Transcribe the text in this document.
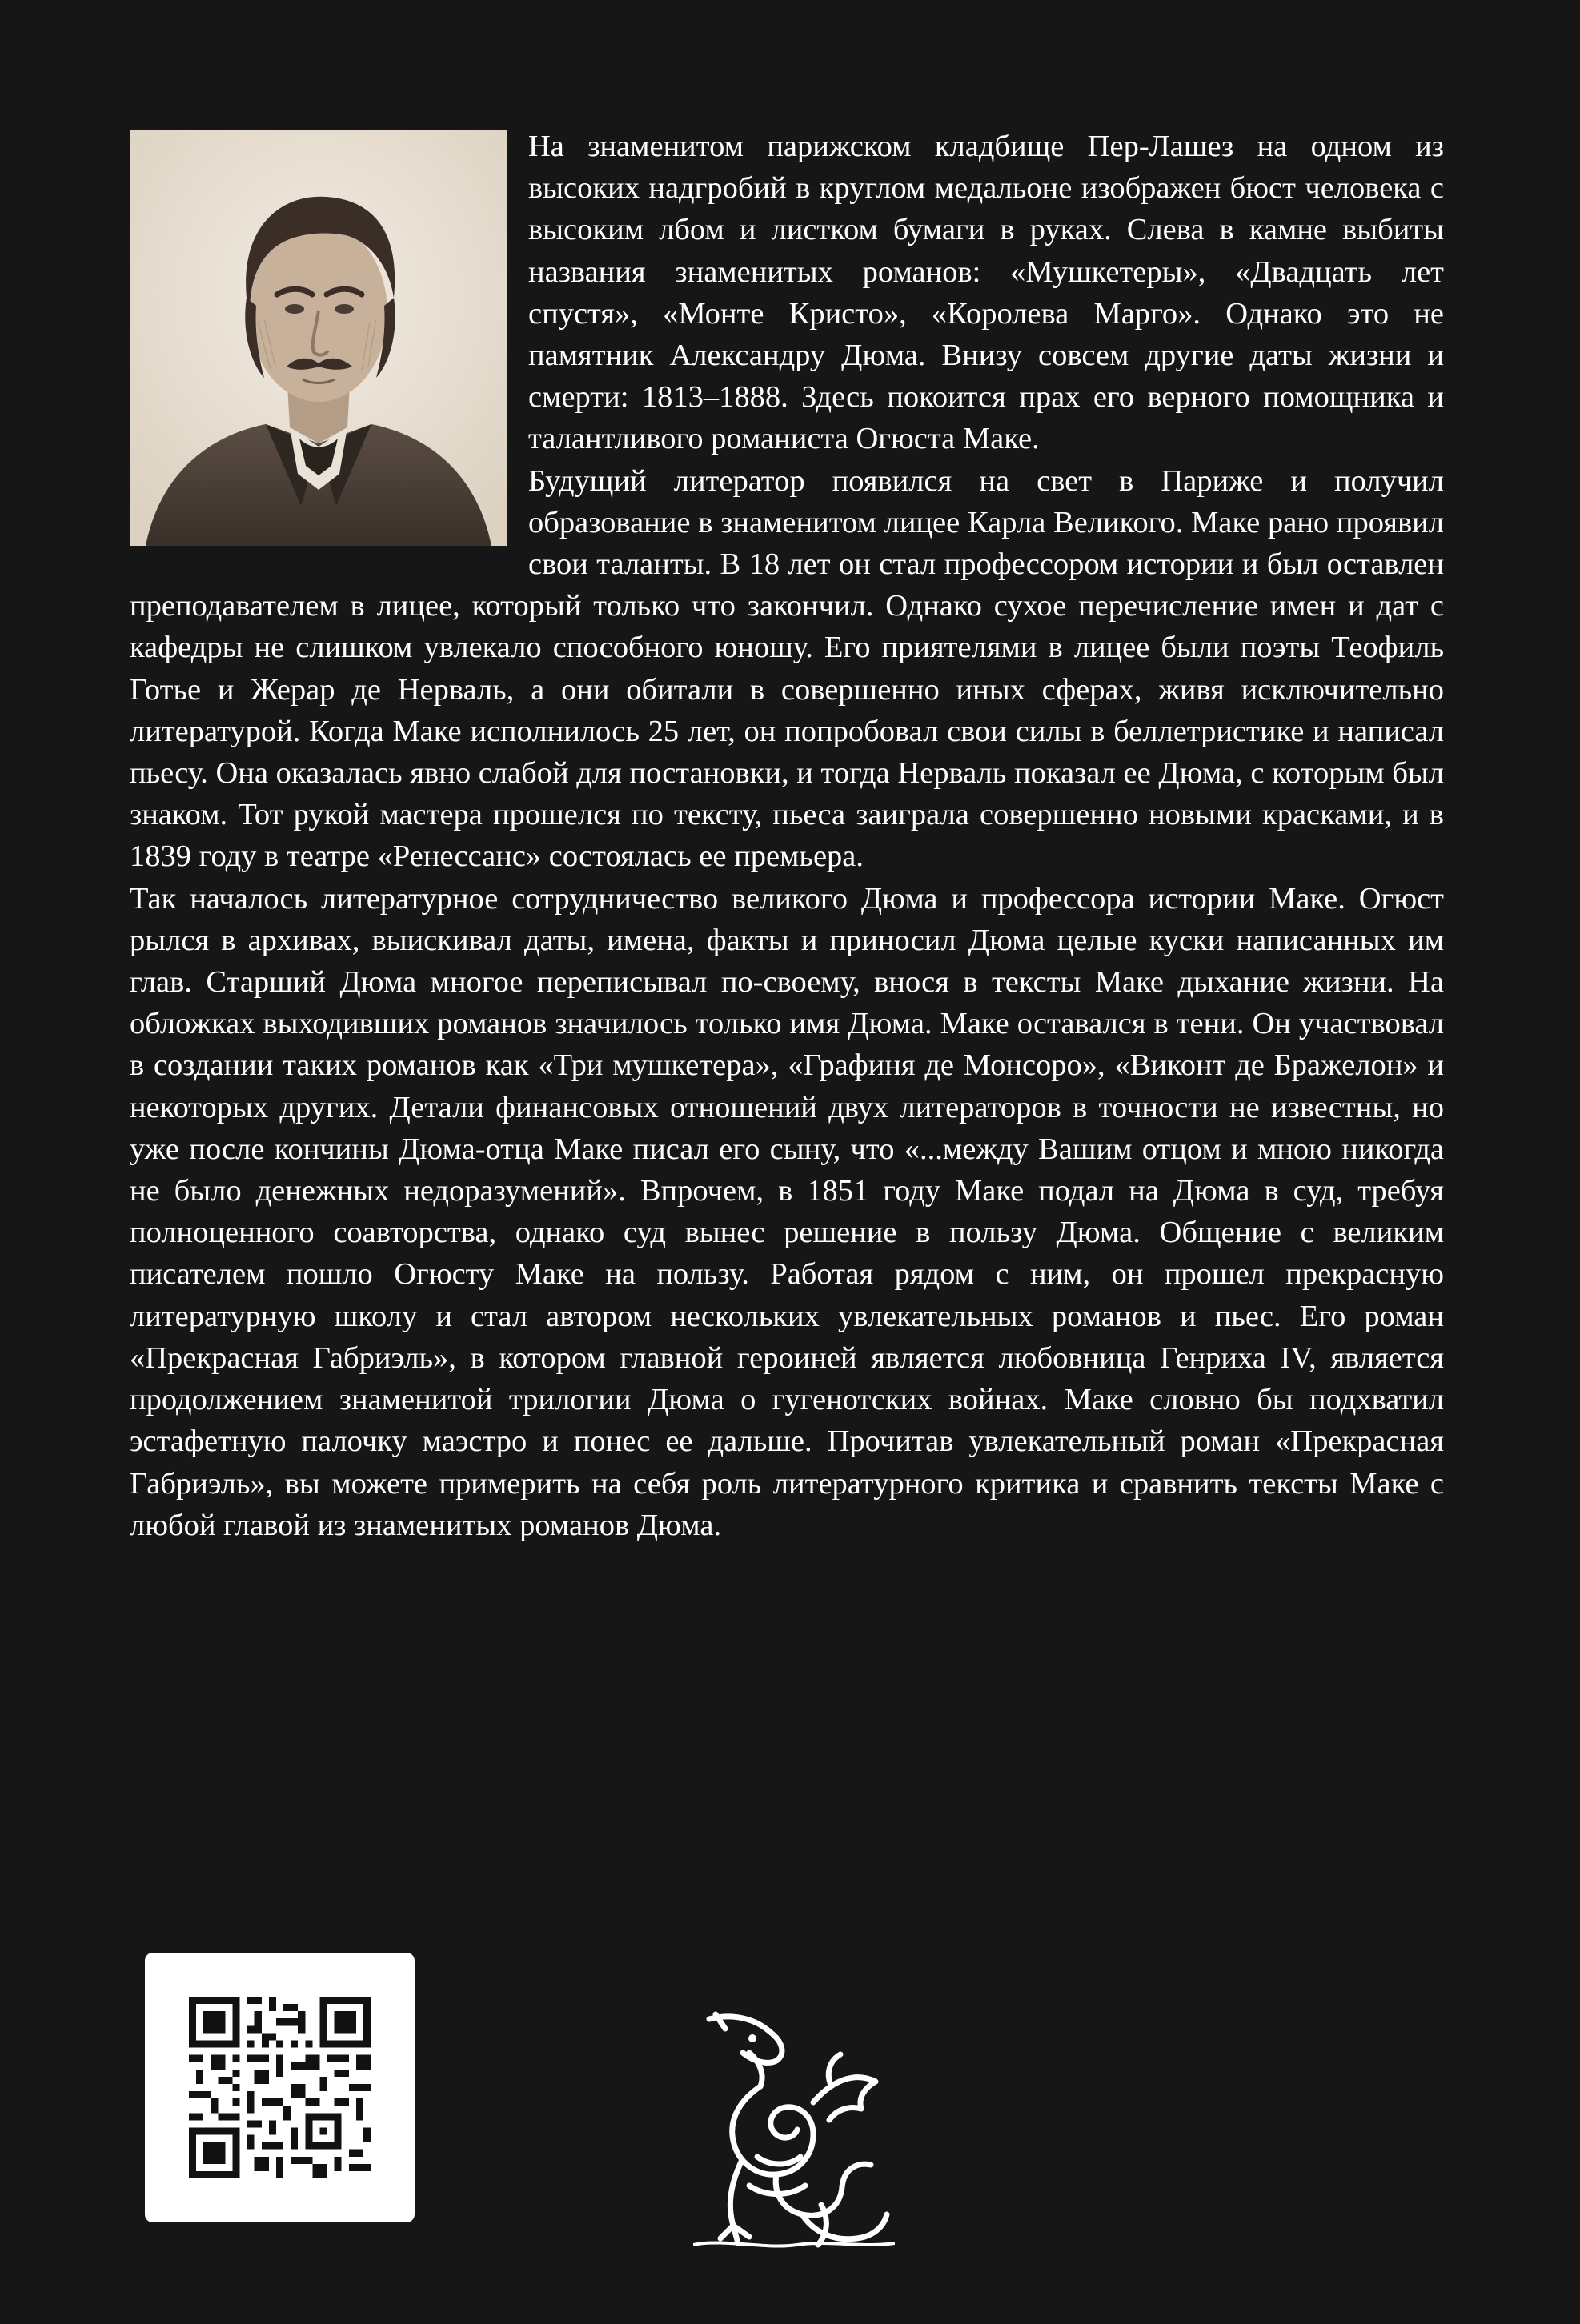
На знаменитом парижском кладбище Пер-Лашез на одном из высоких надгробий в круглом медальоне изображен бюст человека с высоким лбом и листком бумаги в руках. Слева в камне выбиты названия знаменитых романов: «Мушкетеры», «Двадцать лет спустя», «Монте Кристо», «Королева Марго». Однако это не памятник Александру Дюма. Внизу совсем другие даты жизни и смерти: 1813–1888. Здесь покоится прах его верного помощника и талантливого романиста Огюста Маке.

Будущий литератор появился на свет в Париже и получил образование в знаменитом лицее Карла Великого. Маке рано проявил свои таланты. В 18 лет он стал профессором истории и был оставлен преподавателем в лицее, который только что закончил. Однако сухое перечисление имен и дат с кафедры не слишком увлекало способного юношу. Его приятелями в лицее были поэты Теофиль Готье и Жерар де Нерваль, а они обитали в совершенно иных сферах, живя исключительно литературой. Когда Маке исполнилось 25 лет, он попробовал свои силы в беллетристике и написал пьесу. Она оказалась явно слабой для постановки, и тогда Нерваль показал ее Дюма, с которым был знаком. Тот рукой мастера прошелся по тексту, пьеса заиграла совершенно новыми красками, и в 1839 году в театре «Ренессанс» состоялась ее премьера.

Так началось литературное сотрудничество великого Дюма и профессора истории Маке. Огюст рылся в архивах, выискивал даты, имена, факты и приносил Дюма целые куски написанных им глав. Старший Дюма многое переписывал по-своему, внося в тексты Маке дыхание жизни. На обложках выходивших романов значилось только имя Дюма. Маке оставался в тени. Он участвовал в создании таких романов как «Три мушкетера», «Графиня де Монсоро», «Виконт де Бражелон» и некоторых других. Детали финансовых отношений двух литераторов в точности не известны, но уже после кончины Дюма-отца Маке писал его сыну, что «...между Вашим отцом и мною никогда не было денежных недоразумений». Впрочем, в 1851 году Маке подал на Дюма в суд, требуя полноценного соавторства, однако суд вынес решение в пользу Дюма. Общение с великим писателем пошло Огюсту Маке на пользу. Работая рядом с ним, он прошел прекрасную литературную школу и стал автором нескольких увлекательных романов и пьес. Его роман «Прекрасная Габриэль», в котором главной героиней является любовница Генриха IV, является продолжением знаменитой трилогии Дюма о гугенотских войнах. Маке словно бы подхватил эстафетную палочку маэстро и понес ее дальше. Прочитав увлекательный роман «Прекрасная Габриэль», вы можете примерить на себя роль литературного критика и сравнить тексты Маке с любой главой из знаменитых романов Дюма.
